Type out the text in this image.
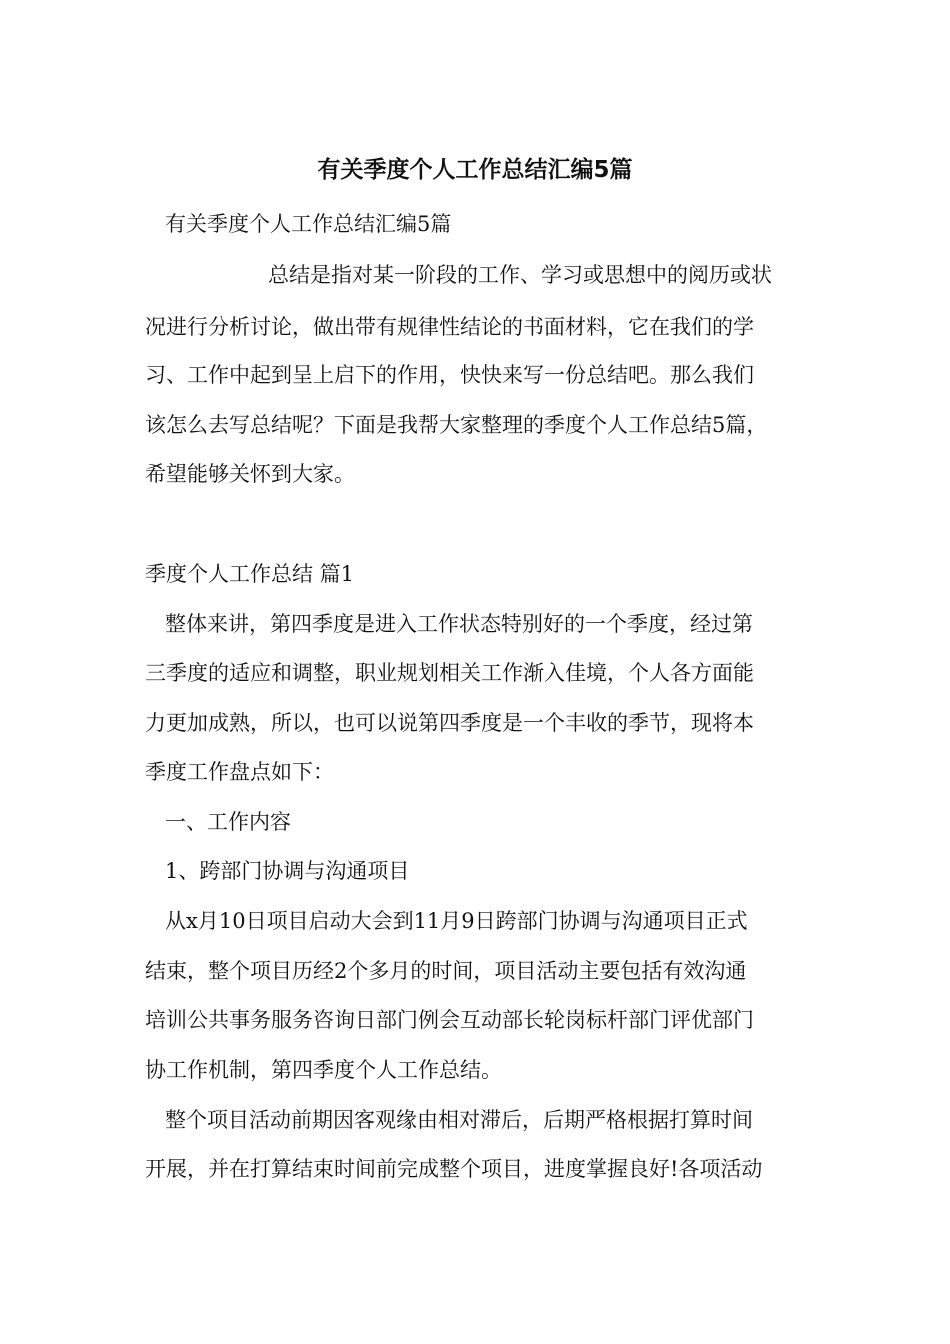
有关季度个人工作总结汇编5篇
有关季度个人工作总结汇编5篇
总结是指对某一阶段的工作、学习或思想中的阅历或状
况进行分析讨论，做出带有规律性结论的书面材料，它在我们的学
习、工作中起到呈上启下的作用，快快来写一份总结吧。那么我们
该怎么去写总结呢？下面是我帮大家整理的季度个人工作总结5篇，
希望能够关怀到大家。
季度个人工作总结 篇1
整体来讲，第四季度是进入工作状态特别好的一个季度，经过第
三季度的适应和调整，职业规划相关工作渐入佳境，个人各方面能
力更加成熟，所以，也可以说第四季度是一个丰收的季节，现将本
季度工作盘点如下：
一、工作内容
1、跨部门协调与沟通项目
从x月10日项目启动大会到11月9日跨部门协调与沟通项目正式
结束，整个项目历经2个多月的时间，项目活动主要包括有效沟通
培训公共事务服务咨询日部门例会互动部长轮岗标杆部门评优部门
协工作机制，第四季度个人工作总结。
整个项目活动前期因客观缘由相对滞后，后期严格根据打算时间
开展，并在打算结束时间前完成整个项目，进度掌握良好!各项活动
